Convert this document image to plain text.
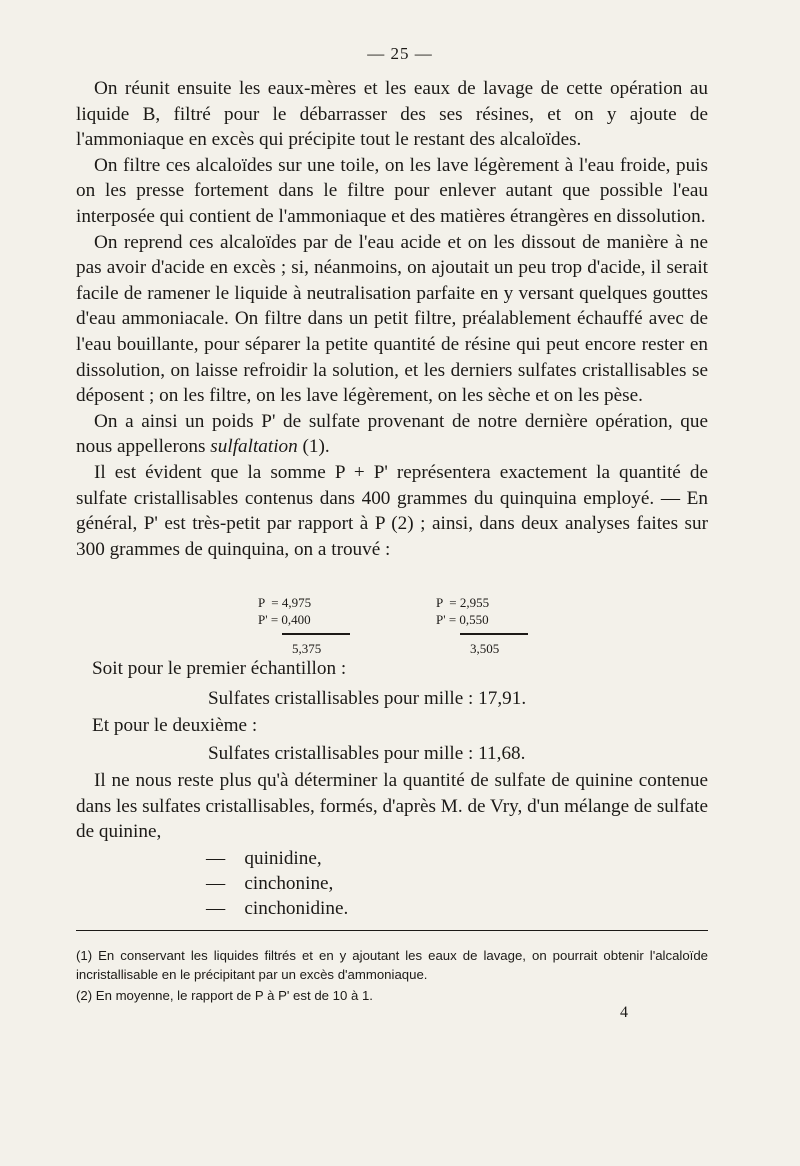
— 25 —

On réunit ensuite les eaux-mères et les eaux de lavage de cette opération au liquide B, filtré pour le débarrasser des ses résines, et on y ajoute de l'ammoniaque en excès qui précipite tout le restant des alcaloïdes.

On filtre ces alcaloïdes sur une toile, on les lave légèrement à l'eau froide, puis on les presse fortement dans le filtre pour enlever autant que possible l'eau interposée qui contient de l'ammoniaque et des matières étrangères en dissolution.

On reprend ces alcaloïdes par de l'eau acide et on les dissout de manière à ne pas avoir d'acide en excès ; si, néanmoins, on ajoutait un peu trop d'acide, il serait facile de ramener le liquide à neutralisation parfaite en y versant quelques gouttes d'eau ammoniacale. On filtre dans un petit filtre, préalablement échauffé avec de l'eau bouillante, pour séparer la petite quantité de résine qui peut encore rester en dissolution, on laisse refroidir la solution, et les derniers sulfates cristallisables se déposent ; on les filtre, on les lave légèrement, on les sèche et on les pèse.

On a ainsi un poids P' de sulfate provenant de notre dernière opération, que nous appellerons sulfaltation (1).

Il est évident que la somme P + P' représentera exactement la quantité de sulfate cristallisables contenus dans 400 grammes du quinquina employé. — En général, P' est très-petit par rapport à P (2) ; ainsi, dans deux analyses faites sur 300 grammes de quinquina, on a trouvé :

P  = 4,975
P' = 0,400
5,375
P  = 2,955
P' = 0,550
3,505
Soit pour le premier échantillon :
Sulfates cristallisables pour mille : 17,91.
Et pour le deuxième :
Sulfates cristallisables pour mille : 11,68.

Il ne nous reste plus qu'à déterminer la quantité de sulfate de quinine contenue dans les sulfates cristallisables, formés, d'après M. de Vry, d'un mélange de sulfate de quinine,

— quinidine,
— cinchonine,
— cinchonidine.

(1) En conservant les liquides filtrés et en y ajoutant les eaux de lavage, on pourrait obtenir l'alcaloïde incristallisable en le précipitant par un excès d'ammoniaque.

(2) En moyenne, le rapport de P à P' est de 10 à 1.

4
